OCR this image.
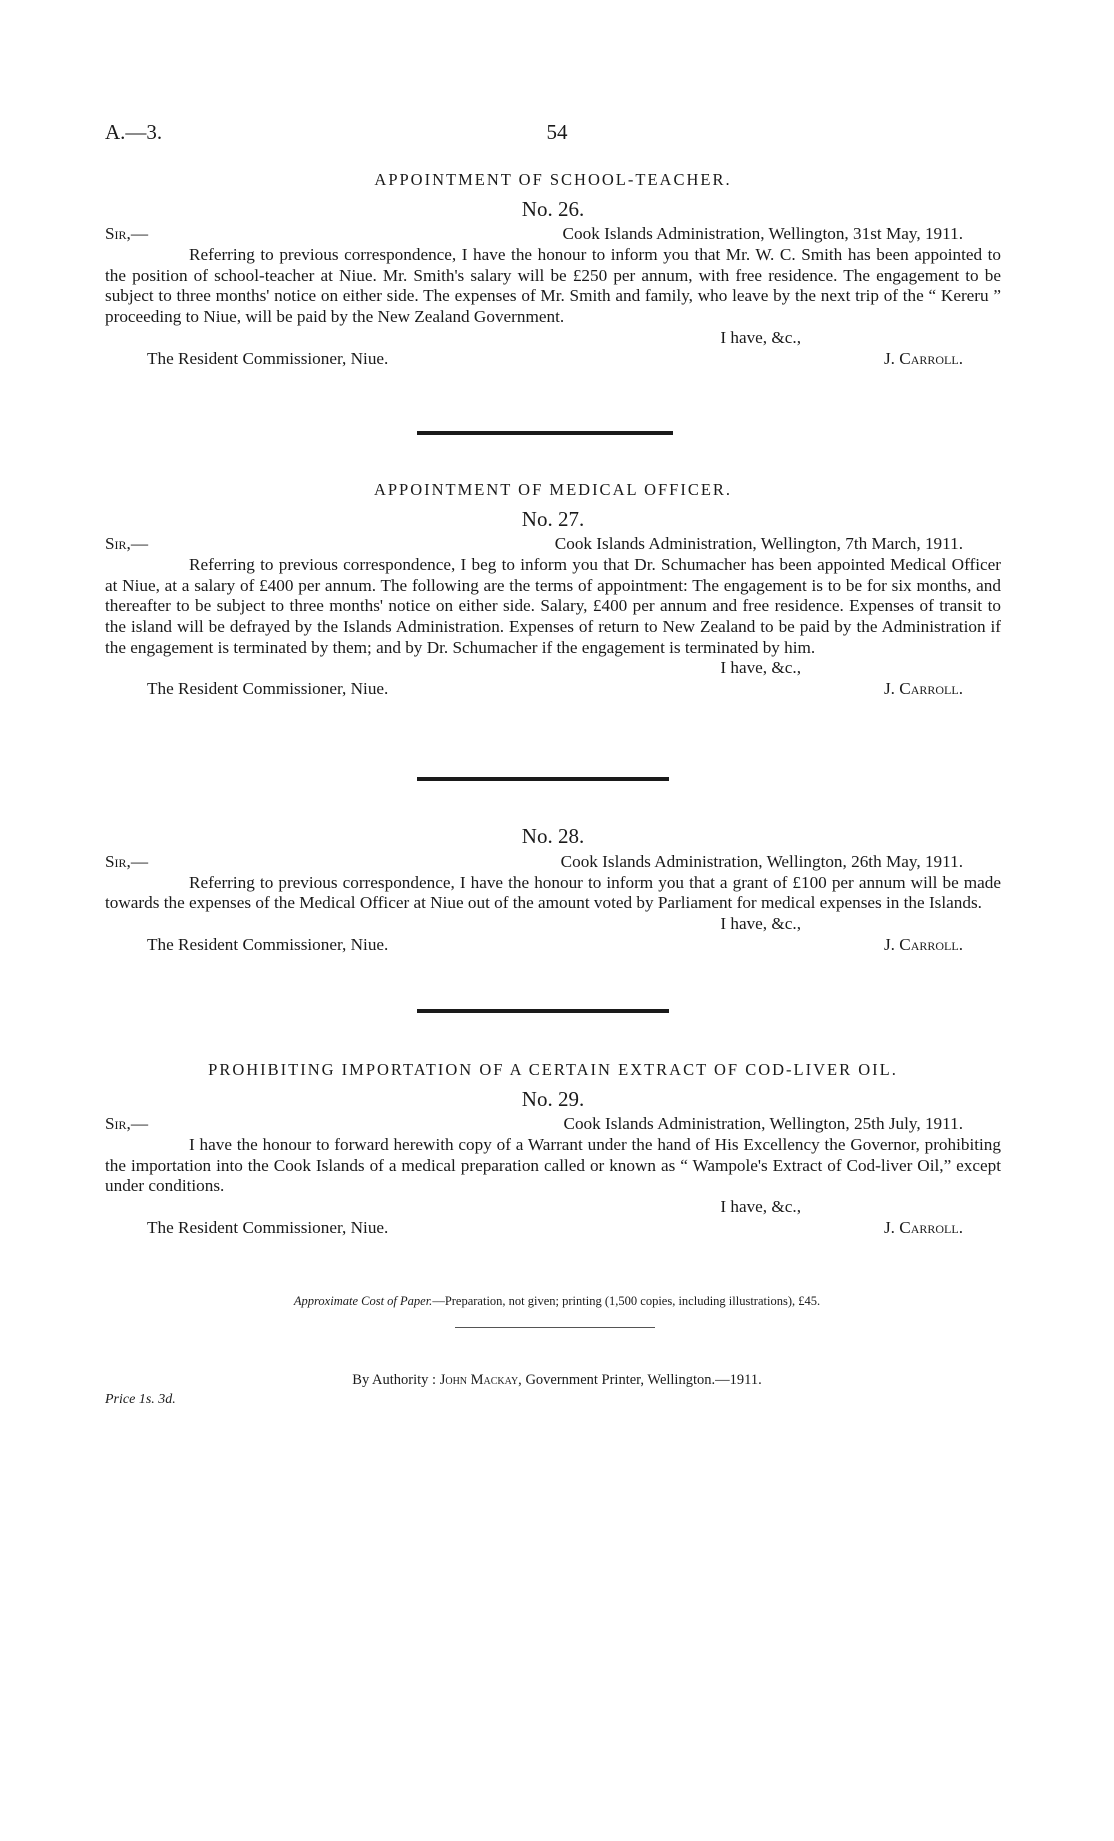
A.—3.	54
APPOINTMENT OF SCHOOL-TEACHER.
No. 26.
Sir,—	Cook Islands Administration, Wellington, 31st May, 1911.

Referring to previous correspondence, I have the honour to inform you that Mr. W. C. Smith has been appointed to the position of school-teacher at Niue. Mr. Smith's salary will be £250 per annum, with free residence. The engagement to be subject to three months' notice on either side. The expenses of Mr. Smith and family, who leave by the next trip of the “ Kereru ” proceeding to Niue, will be paid by the New Zealand Government.

I have, &c.,
The Resident Commissioner, Niue.	J. Carroll.
APPOINTMENT OF MEDICAL OFFICER.
No. 27.
Sir,—	Cook Islands Administration, Wellington, 7th March, 1911.

Referring to previous correspondence, I beg to inform you that Dr. Schumacher has been appointed Medical Officer at Niue, at a salary of £400 per annum. The following are the terms of appointment: The engagement is to be for six months, and thereafter to be subject to three months' notice on either side. Salary, £400 per annum and free residence. Expenses of transit to the island will be defrayed by the Islands Administration. Expenses of return to New Zealand to be paid by the Administration if the engagement is terminated by them; and by Dr. Schumacher if the engagement is terminated by him.

I have, &c.,
The Resident Commissioner, Niue.	J. Carroll.
No. 28.
Sir,—	Cook Islands Administration, Wellington, 26th May, 1911.

Referring to previous correspondence, I have the honour to inform you that a grant of £100 per annum will be made towards the expenses of the Medical Officer at Niue out of the amount voted by Parliament for medical expenses in the Islands.

I have, &c.,
The Resident Commissioner, Niue.	J. Carroll.
PROHIBITING IMPORTATION OF A CERTAIN EXTRACT OF COD-LIVER OIL.
No. 29.
Sir,—	Cook Islands Administration, Wellington, 25th July, 1911.

I have the honour to forward herewith copy of a Warrant under the hand of His Excellency the Governor, prohibiting the importation into the Cook Islands of a medical preparation called or known as “ Wampole's Extract of Cod-liver Oil,” except under conditions.

I have, &c.,
The Resident Commissioner, Niue.	J. Carroll.
Approximate Cost of Paper.—Preparation, not given; printing (1,500 copies, including illustrations), £45.
By Authority : John Mackay, Government Printer, Wellington.—1911.
Price 1s. 3d.
